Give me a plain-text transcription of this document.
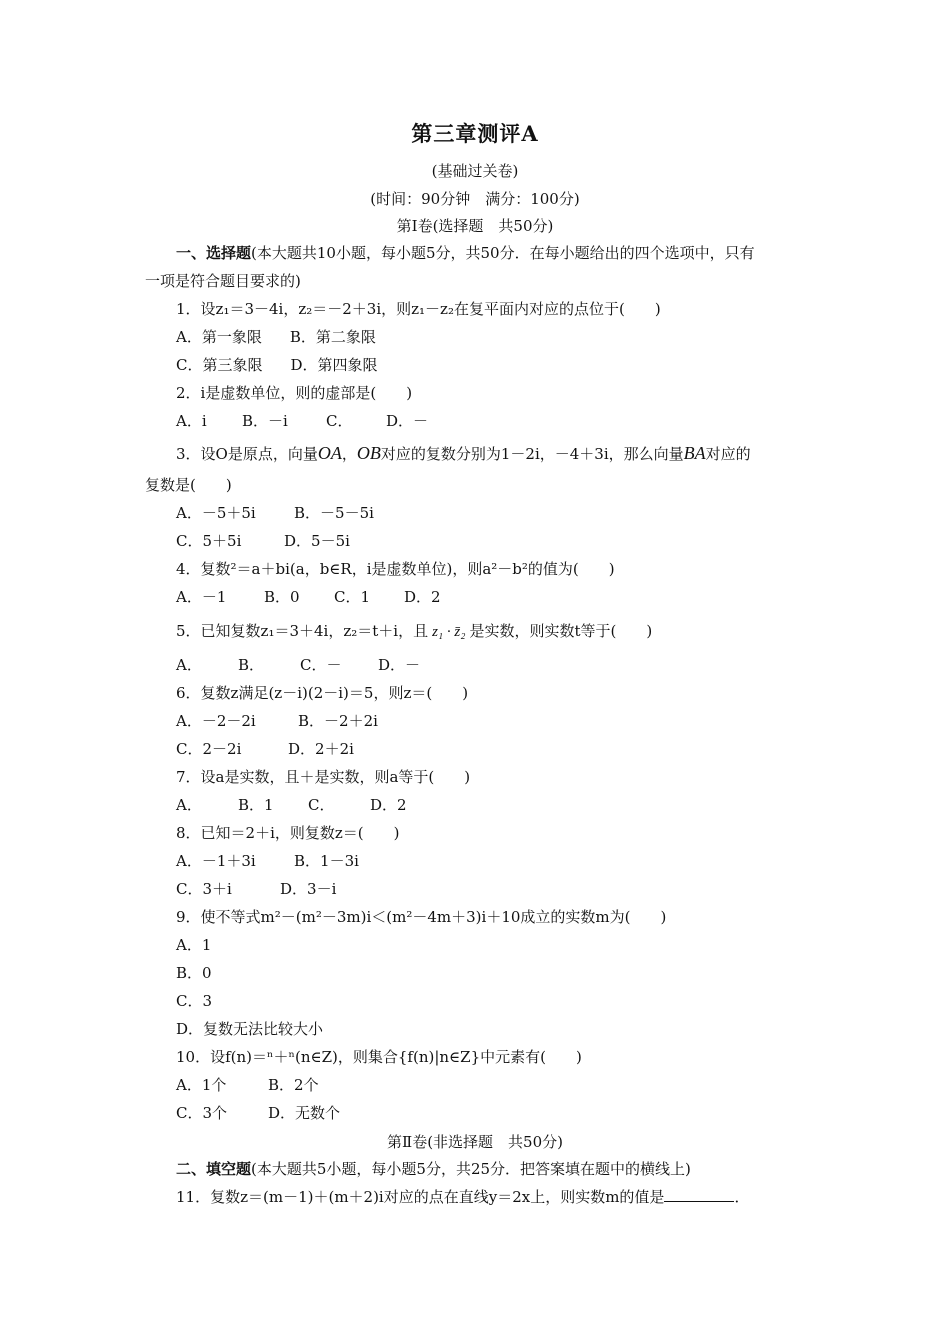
第三章测评A
(基础过关卷)
(时间：90分钟　满分：100分)
第Ⅰ卷(选择题　共50分)
一、选择题(本大题共10小题，每小题5分，共50分．在每小题给出的四个选项中，只有
一项是符合题目要求的)
1．设z₁＝3－4i，z₂＝－2＋3i，则z₁－z₂在复平面内对应的点位于(　　)
A．第一象限 B．第二象限
C．第三象限 D．第四象限
2．i是虚数单位，则的虚部是(　　)
A．i B．－i	C． D．－
3．设O是原点，向量OA，OB对应的复数分别为1－2i，－4＋3i，那么向量BA对应的
复数是(　　)
A．－5＋5i	B．－5－5i
C．5＋5i	D．5－5i
4．复数²＝a＋bi(a，b∈R，i是虚数单位)，则a²－b²的值为(　　)
A．－1	B．0 C．1 D．2
5．已知复数z₁＝3＋4i，z₂＝t＋i，且 z₁ · z̄₂ 是实数，则实数t等于(　　)
A． B． C．－ D．－
6．复数z满足(z－i)(2－i)＝5，则z＝(　　)
A．－2－2i	B．－2＋2i
C．2－2i	D．2＋2i
7．设a是实数，且＋是实数，则a等于(　　)
A． B．1 C． D．2
8．已知＝2＋i，则复数z＝(　　)
A．－1＋3i	B．1－3i
C．3＋i	D．3－i
9．使不等式m²－(m²－3m)i＜(m²－4m＋3)i＋10成立的实数m为(　　)
A．1
B．0
C．3
D．复数无法比较大小
10．设f(n)＝ⁿ＋ⁿ(n∈Z)，则集合{f(n)|n∈Z}中元素有(　　)
A．1个	B．2个
C．3个	D．无数个
第Ⅱ卷(非选择题　共50分)
二、填空题(本大题共5小题，每小题5分，共25分．把答案填在题中的横线上)
11．复数z＝(m－1)＋(m＋2)i对应的点在直线y＝2x上，则实数m的值是	．
